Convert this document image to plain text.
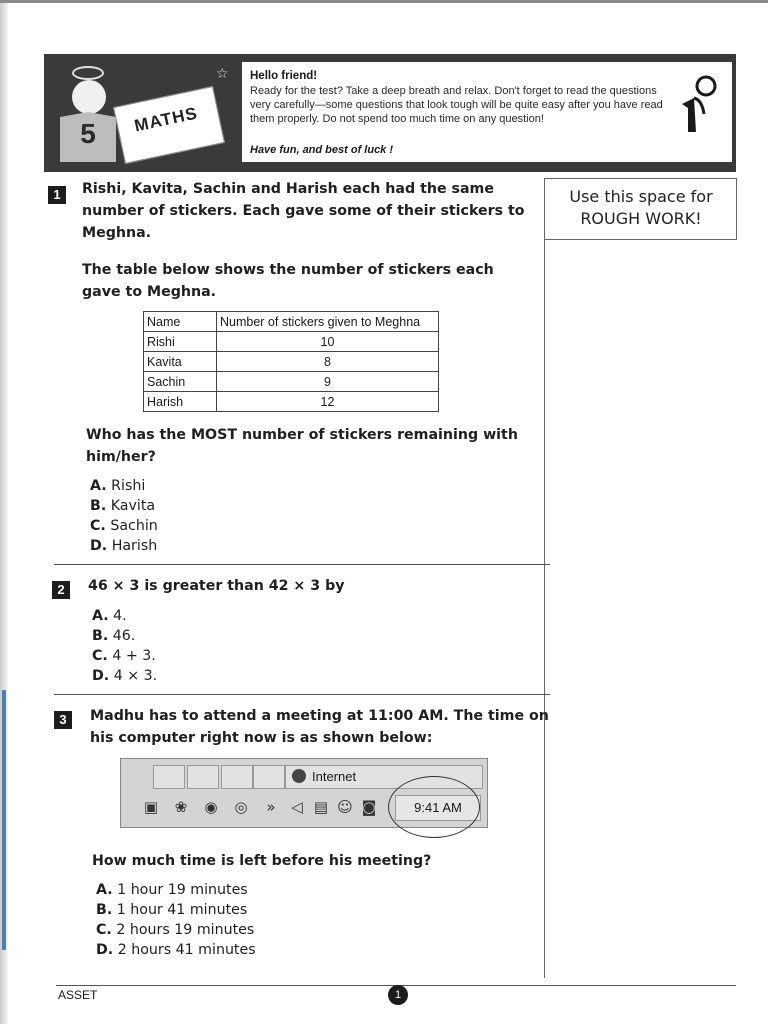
5	MATHS
☆ Hello friend!
Ready for the test? Take a deep breath and relax. Don't forget to read the questions very carefully—some questions that look tough will be quite easy after you have read them properly. Do not spend too much time on any question!
Have fun, and best of luck !
Use this space for
ROUGH WORK!
1	Rishi, Kavita, Sachin and Harish each had the same number of stickers. Each gave some of their stickers to Meghna.
The table below shows the number of stickers each gave to Meghna.
Name	Number of stickers given to Meghna
Rishi	10
Kavita	8
Sachin	9
Harish	12
Who has the MOST number of stickers remaining with him/her?
A. Rishi
B. Kavita
C. Sachin
D. Harish
2	46 × 3 is greater than 42 × 3 by
A. 4.
B. 46.
C. 4 + 3.
D. 4 × 3.
3	Madhu has to attend a meeting at 11:00 AM. The time on his computer right now is as shown below:
Internet
▣ ❀ ◉ ◎	»	◁ ▤ ☺ ◙	9:41 AM
How much time is left before his meeting?
A. 1 hour 19 minutes
B. 1 hour 41 minutes
C. 2 hours 19 minutes
D. 2 hours 41 minutes
ASSET	1
